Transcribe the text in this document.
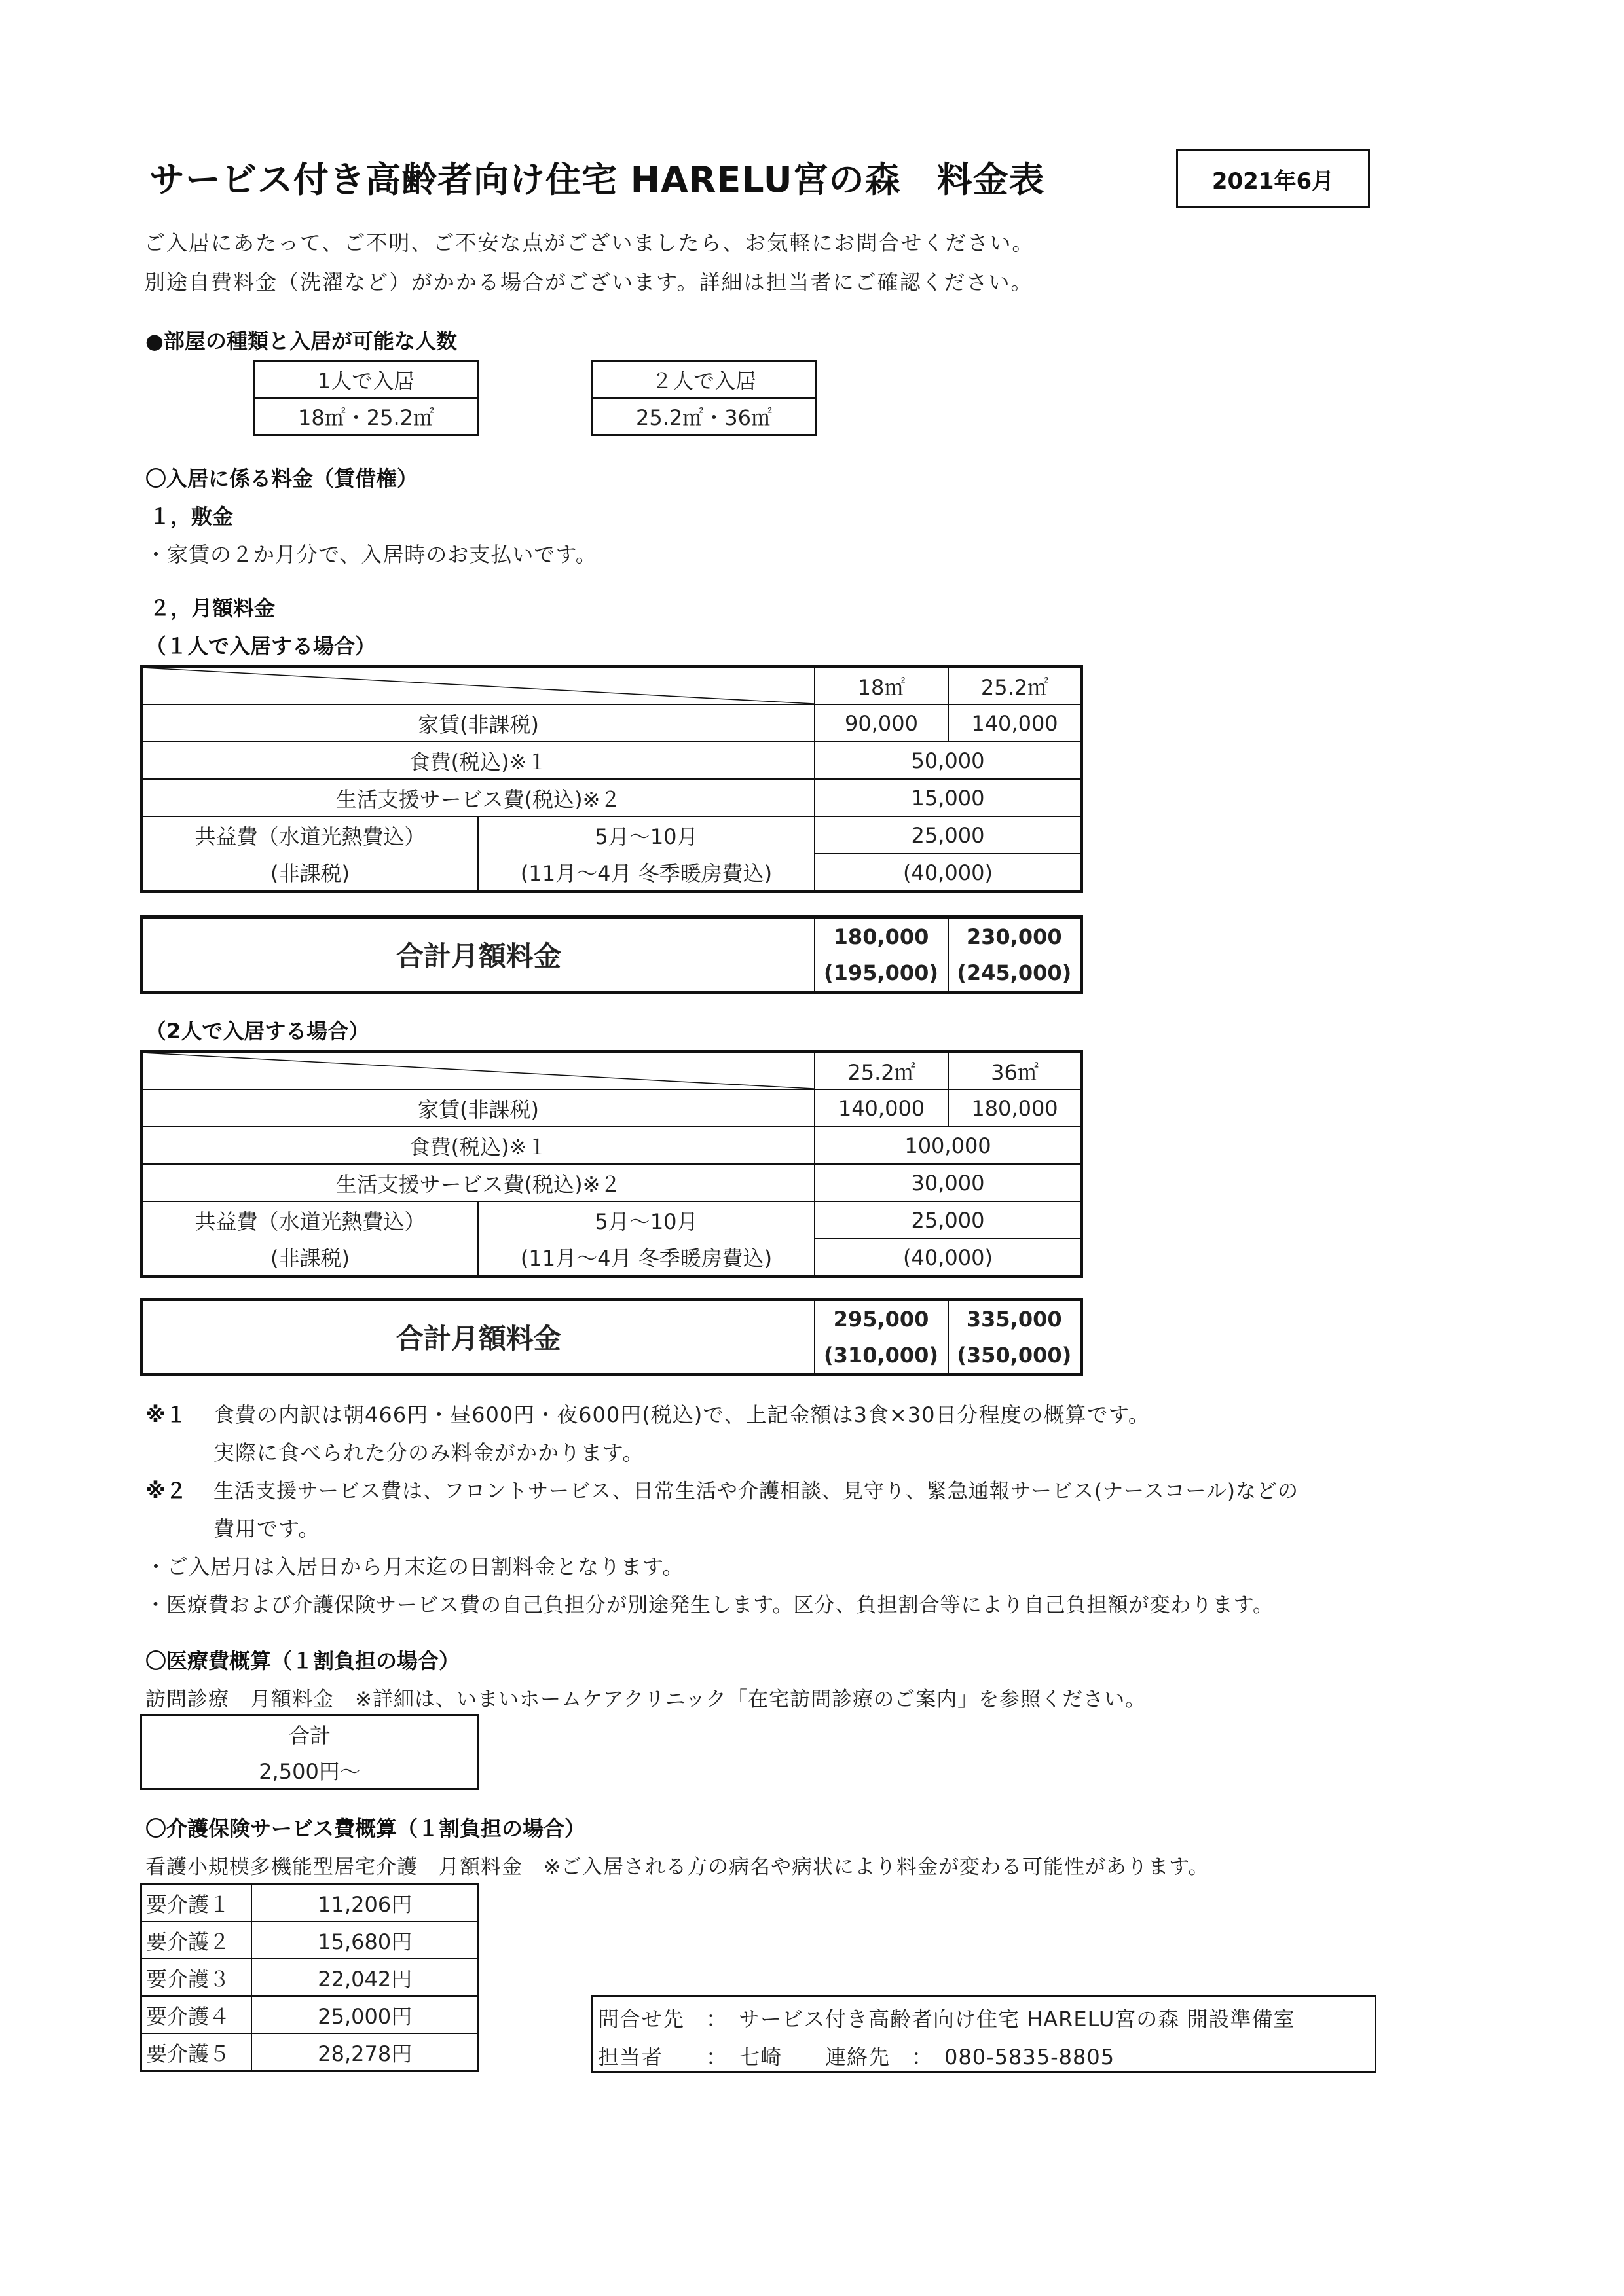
サービス付き高齢者向け住宅 HARELU宮の森　料金表	2021年6月
ご入居にあたって、ご不明、ご不安な点がございましたら、お気軽にお問合せください。
別途自費料金（洗濯など）がかかる場合がございます。詳細は担当者にご確認ください。
●部屋の種類と入居が可能な人数
1人で入居
18㎡・25.2㎡
２人で入居
25.2㎡・36㎡
〇入居に係る料金（賃借権）
１，敷金
・家賃の２か月分で、入居時のお支払いです。
２，月額料金
（１人で入居する場合）
	18㎡	25.2㎡
家賃(非課税)		90,000	140,000
食費(税込)※１		50,000	
生活支援サービス費(税込)※２		15,000	
共益費（水道光熱費込）	5月～10月	25,000	
(非課税)	(11月～4月 冬季暖房費込)	(40,000)	
合計月額料金	180,000	230,000
	(195,000)	(245,000)
（2人で入居する場合）
	25.2㎡	36㎡
家賃(非課税)		140,000	180,000
食費(税込)※１		100,000	
生活支援サービス費(税込)※２		30,000	
共益費（水道光熱費込）	5月～10月	25,000	
(非課税)	(11月～4月 冬季暖房費込)	(40,000)	
合計月額料金	295,000	335,000
	(310,000)	(350,000)
※１ 食費の内訳は朝466円・昼600円・夜600円(税込)で、上記金額は3食×30日分程度の概算です。
実際に食べられた分のみ料金がかかります。
※２ 生活支援サービス費は、フロントサービス、日常生活や介護相談、見守り、緊急通報サービス(ナースコール)などの
費用です。
・ご入居月は入居日から月末迄の日割料金となります。
・医療費および介護保険サービス費の自己負担分が別途発生します。区分、負担割合等により自己負担額が変わります。
〇医療費概算（１割負担の場合）
訪問診療　月額料金　※詳細は、いまいホームケアクリニック「在宅訪問診療のご案内」を参照ください。
合計
2,500円～
〇介護保険サービス費概算（１割負担の場合）
看護小規模多機能型居宅介護　月額料金　※ご入居される方の病名や病状により料金が変わる可能性があります。
要介護１	11,206円
要介護２	15,680円
要介護３	22,042円
要介護４	25,000円
要介護５	28,278円
問合せ先　：　サービス付き高齢者向け住宅 HARELU宮の森 開設準備室
担当者　　：　七崎　　連絡先　：　080-5835-8805
